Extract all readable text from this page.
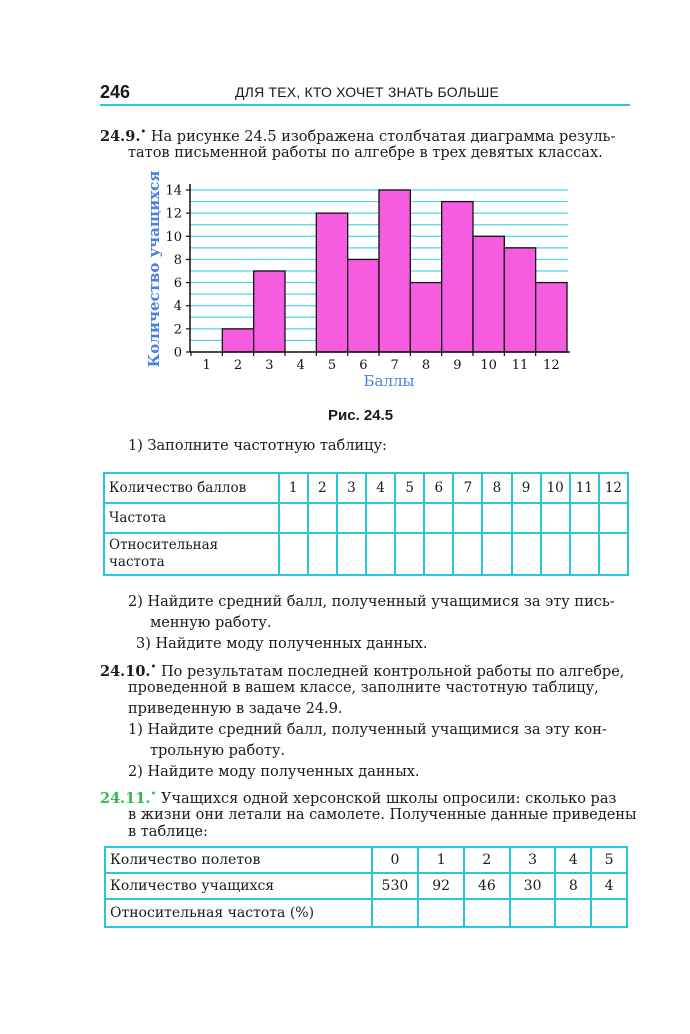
246	ДЛЯ ТЕХ, КТО ХОЧЕТ ЗНАТЬ БОЛЬШЕ
24.9.• На рисунке 24.5 изображена столбчатая диаграмма резуль-
татов письменной работы по алгебре в трех девятых классах.
0
2
4
6
8
10
12
14
1 2 3 4 5 6 7 8 9 10 11 12
Баллы
Количество учащихся
Рис. 24.5
1) Заполните частотную таблицу:
Количество баллов	1	2	3	4	5	6	7	8	9	10	11	12
Частота												
Относительная частота												
2) Найдите средний балл, полученный учащимися за эту пись-
менную работу.
3) Найдите моду полученных данных.
24.10.• По результатам последней контрольной работы по алгебре,
проведенной в вашем классе, заполните частотную таблицу,
приведенную в задаче 24.9.
1) Найдите средний балл, полученный учащимися за эту кон-
трольную работу.
2) Найдите моду полученных данных.
24.11.• Учащихся одной херсонской школы опросили: сколько раз
в жизни они летали на самолете. Полученные данные приведены
в таблице:
Количество полетов	0	1	2	3	4	5
Количество учащихся	530	92	46	30	8	4
Относительная частота (%)						
